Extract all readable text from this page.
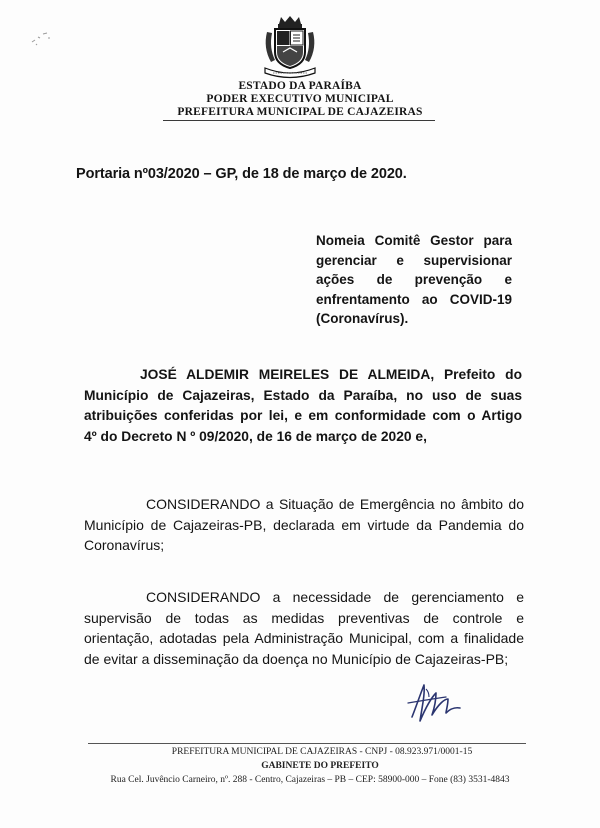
ESTADO DA PARAÍBA
PODER EXECUTIVO MUNICIPAL
PREFEITURA MUNICIPAL DE CAJAZEIRAS
Portaria nº03/2020 – GP, de 18 de março de 2020.
Nomeia Comitê Gestor para gerenciar e supervisionar ações de prevenção e enfrentamento ao COVID-19 (Coronavírus).
JOSÉ ALDEMIR MEIRELES DE ALMEIDA, Prefeito do
Município de Cajazeiras, Estado da Paraíba, no uso de suas
atribuições conferidas por lei, e em conformidade com o Artigo
4º do Decreto N º 09/2020, de 16 de março de 2020 e,
CONSIDERANDO a Situação de Emergência no âmbito do
Município de Cajazeiras-PB, declarada em virtude da Pandemia do
Coronavírus;
CONSIDERANDO a necessidade de gerenciamento e
supervisão de todas as medidas preventivas de controle e
orientação, adotadas pela Administração Municipal, com a finalidade
de evitar a disseminação da doença no Município de Cajazeiras-PB;
PREFEITURA MUNICIPAL DE CAJAZEIRAS - CNPJ - 08.923.971/0001-15
GABINETE DO PREFEITO
Rua Cel. Juvêncio Carneiro, nº. 288 - Centro, Cajazeiras – PB – CEP: 58900-000 – Fone (83) 3531-4843
